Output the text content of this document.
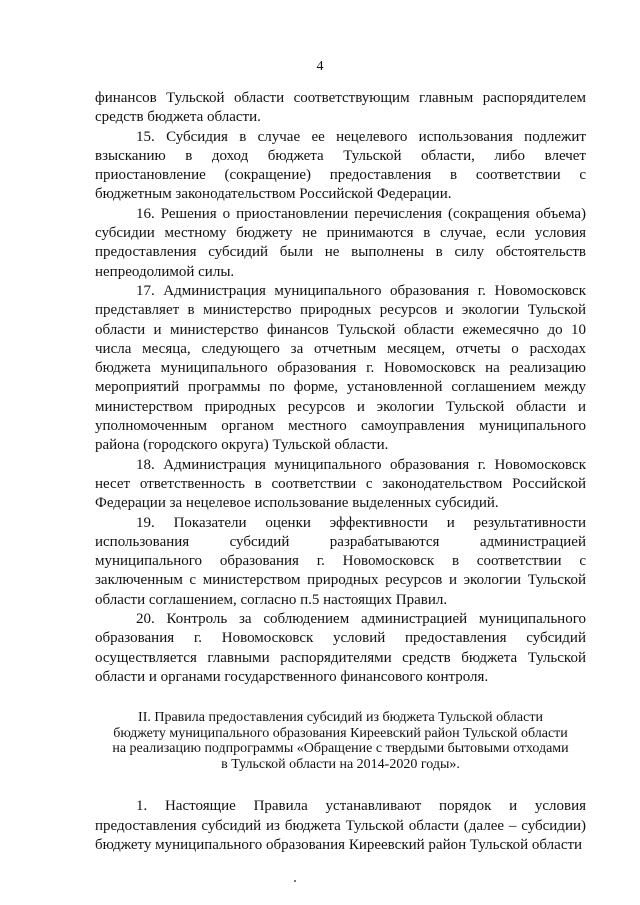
4

финансов Тульской области соответствующим главным распорядителем средств бюджета области.

15. Субсидия в случае ее нецелевого использования подлежит взысканию в доход бюджета Тульской области, либо влечет приостановление (сокращение) предоставления в соответствии с бюджетным законодательством Российской Федерации.

16. Решения о приостановлении перечисления (сокращения объема) субсидии местному бюджету не принимаются в случае, если условия предоставления субсидий были не выполнены в силу обстоятельств непреодолимой силы.

17. Администрация муниципального образования г. Новомосковск представляет в министерство природных ресурсов и экологии Тульской области и министерство финансов Тульской области ежемесячно до 10 числа месяца, следующего за отчетным месяцем, отчеты о расходах бюджета муниципального образования г. Новомосковск на реализацию мероприятий программы по форме, установленной соглашением между министерством природных ресурсов и экологии Тульской области и уполномоченным органом местного самоуправления муниципального района (городского округа) Тульской области.

18. Администрация муниципального образования г. Новомосковск несет ответственность в соответствии с законодательством Российской Федерации за нецелевое использование выделенных субсидий.

19. Показатели оценки эффективности и результативности использования субсидий разрабатываются администрацией муниципального образования г. Новомосковск в соответствии с заключенным с министерством природных ресурсов и экологии Тульской области соглашением, согласно п.5 настоящих Правил.

20. Контроль за соблюдением администрацией муниципального образования г. Новомосковск условий предоставления субсидий осуществляется главными распорядителями средств бюджета Тульской области и органами государственного финансового контроля.

II. Правила предоставления субсидий из бюджета Тульской области
бюджету муниципального образования Киреевский район Тульской области
на реализацию подпрограммы «Обращение с твердыми бытовыми отходами
в Тульской области на 2014-2020 годы».

1. Настоящие Правила устанавливают порядок и условия предоставления субсидий из бюджета Тульской области (далее – субсидии) бюджету муниципального образования Киреевский район Тульской области
